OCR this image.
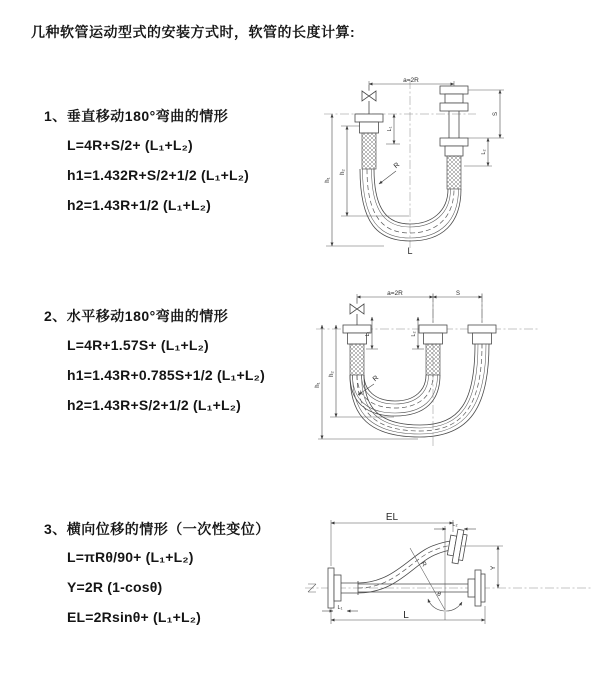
几种软管运动型式的安装方式时，软管的长度计算:
1、垂直移动180°弯曲的情形
L=4R+S/2+ (L₁+L₂)
h1=1.432R+S/2+1/2 (L₁+L₂)
h2=1.43R+1/2 (L₁+L₂)
a=2R
S
L₂
L₁
h₁
h₂
R
L
2、水平移动180°弯曲的情形
L=4R+1.57S+ (L₁+L₂)
h1=1.43R+0.785S+1/2 (L₁+L₂)
h2=1.43R+S/2+1/2 (L₁+L₂)
a=2R	S
L₁	L₂
h₁
h₂
R
3、横向位移的情形（一次性变位）
L=πRθ/90+ (L₁+L₂)
Y=2R (1-cosθ)
EL=2Rsinθ+ (L₁+L₂)
EL
L₂
Y
R
θ
L₁
L
